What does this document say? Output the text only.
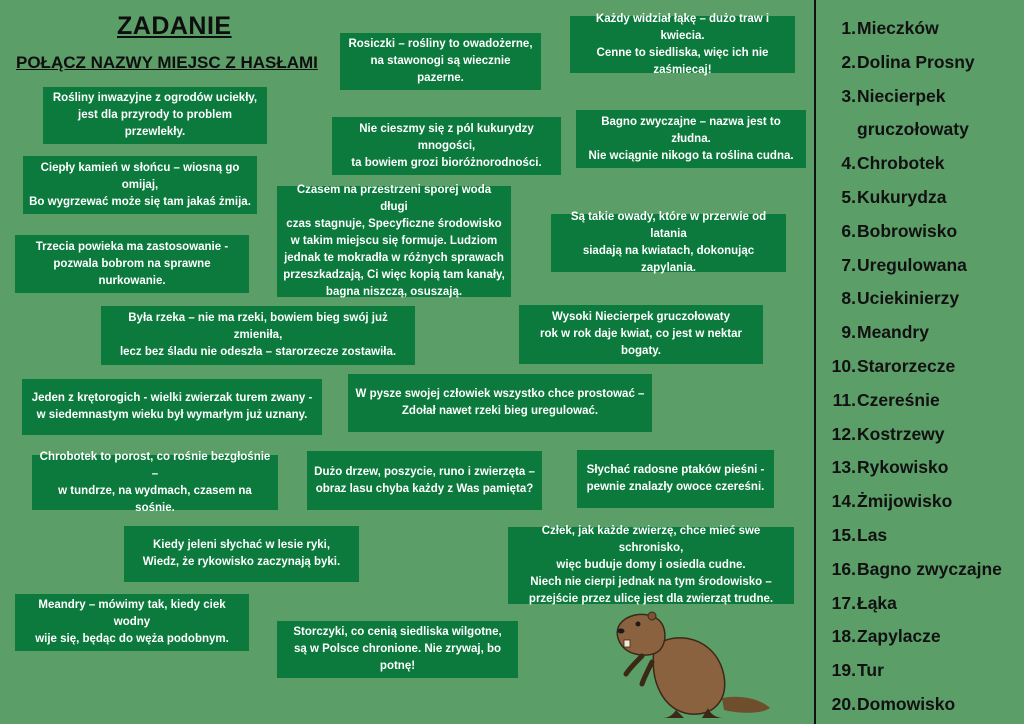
ZADANIE
POŁĄCZ NAZWY MIEJSC Z HASŁAMI
Rośliny inwazyjne z ogrodów uciekły,
jest dla przyrody to problem przewlekły.
Ciepły kamień w słońcu – wiosną go omijaj,
Bo wygrzewać może się tam jakaś żmija.
Trzecia powieka ma zastosowanie -
pozwala bobrom na sprawne nurkowanie.
Rosiczki – rośliny to owadożerne,
na stawonogi są wiecznie pazerne.
Nie cieszmy się z pól kukurydzy mnogości,
ta bowiem grozi bioróżnorodności.
Czasem na przestrzeni sporej woda długi
czas stagnuje, Specyficzne środowisko
w takim miejscu się formuje. Ludziom
jednak te mokradła w różnych sprawach
przeszkadzają, Ci więc kopią tam kanały,
bagna niszczą, osuszają.
Każdy widział łąkę – dużo traw i kwiecia.
Cenne to siedliska, więc ich nie zaśmiecaj!
Bagno zwyczajne – nazwa jest to złudna.
Nie wciągnie nikogo ta roślina cudna.
Są takie owady, które w przerwie od latania
siadają na kwiatach, dokonując zapylania.
Była rzeka – nie ma rzeki, bowiem bieg swój już zmieniła,
lecz bez śladu nie odeszła – starorzecze zostawiła.
Wysoki Niecierpek gruczołowaty
rok w rok daje kwiat, co jest w nektar bogaty.
Jeden z krętorogich - wielki zwierzak turem zwany -
w siedemnastym wieku był wymarłym już uznany.
W pysze swojej człowiek wszystko chce prostować –
Zdołał nawet rzeki bieg uregulować.
Chrobotek to porost, co rośnie bezgłośnie –
w tundrze, na wydmach, czasem na sośnie.
Dużo drzew, poszycie, runo i zwierzęta –
obraz lasu chyba każdy z Was pamięta?
Słychać radosne ptaków pieśni -
pewnie znalazły owoce czereśni.
Kiedy jeleni słychać w lesie ryki,
Wiedz, że rykowisko zaczynają byki.
Człek, jak każde zwierzę, chce mieć swe schronisko,
więc buduje domy i osiedla cudne.
Niech nie cierpi jednak na tym środowisko –
przejście przez ulicę jest dla zwierząt trudne.
Meandry – mówimy tak, kiedy ciek wodny
wije się, będąc do węża podobnym.
Storczyki, co cenią siedliska wilgotne,
są w Polsce chronione. Nie zrywaj, bo potnę!
1. Mieczków
2. Dolina Prosny
3. Niecierpek
gruczołowaty
4. Chrobotek
5. Kukurydza
6. Bobrowisko
7. Uregulowana
8. Uciekinierzy
9. Meandry
10. Starorzecze
11. Czereśnie
12. Kostrzewy
13. Rykowisko
14. Żmijowisko
15. Las
16. Bagno zwyczajne
17. Łąka
18. Zapylacze
19. Tur
20. Domowisko
